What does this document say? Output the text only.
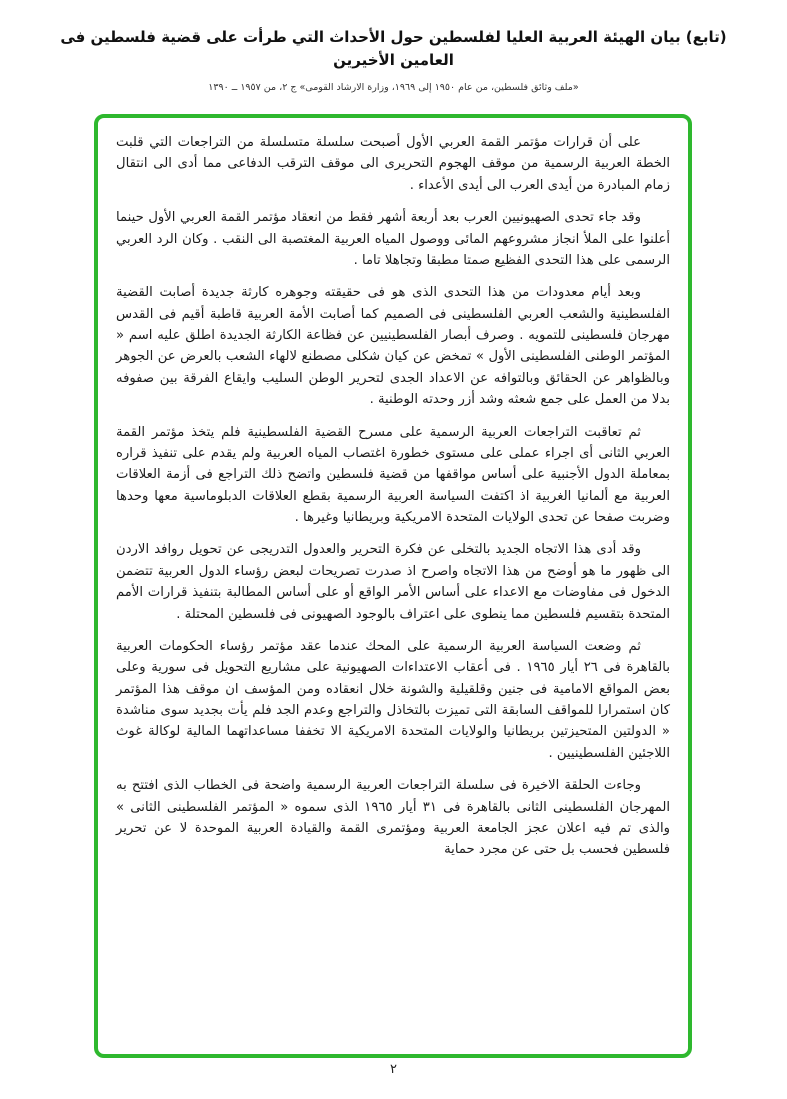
(تابع) بيان الهيئة العربية العليا لفلسطين حول الأحداث التي طرأت على قضية فلسطين فى العامين الأخيرين
«ملف وثائق فلسطين، من عام ١٩٥٠ إلى ١٩٦٩، وزارة الارشاد القومى» ج ٢، من ١٩٥٧ ــ ١٣٩٠

على أن قرارات مؤتمر القمة العربي الأول أصبحت سلسلة متسلسلة من التراجعات التي قلبت الخطة العربية الرسمية من موقف الهجوم التحريرى الى موقف الترقب الدفاعى مما أدى الى انتقال زمام المبادرة من أيدى العرب الى أيدى الأعداء .

وقد جاء تحدى الصهيونيين العرب بعد أربعة أشهر فقط من انعقاد مؤتمر القمة العربي الأول حينما أعلنوا على الملأ انجاز مشروعهم المائى ووصول المياه العربية المغتصبة الى النقب . وكان الرد العربي الرسمى على هذا التحدى الفظيع صمتا مطبقا وتجاهلا تاما .

وبعد أيام معدودات من هذا التحدى الذى هو فى حقيقته وجوهره كارثة جديدة أصابت القضية الفلسطينية والشعب العربي الفلسطينى فى الصميم كما أصابت الأمة العربية قاطبة أقيم فى القدس مهرجان فلسطينى للتمويه . وصرف أبصار الفلسطينيين عن فظاعة الكارثة الجديدة اطلق عليه اسم « المؤتمر الوطنى الفلسطينى الأول » تمخض عن كيان شكلى مصطنع لالهاء الشعب بالعرض عن الجوهر وبالظواهر عن الحقائق وبالتوافه عن الاعداد الجدى لتحرير الوطن السليب وايقاع الفرقة بين صفوفه بدلا من العمل على جمع شعثه وشد أزر وحدته الوطنية .

ثم تعاقبت التراجعات العربية الرسمية على مسرح القضية الفلسطينية فلم يتخذ مؤتمر القمة العربي الثانى أى اجراء عملى على مستوى خطورة اغتصاب المياه العربية ولم يقدم على تنفيذ قراره بمعاملة الدول الأجنبية على أساس مواقفها من قضية فلسطين واتضح ذلك التراجع فى أزمة العلاقات العربية مع ألمانيا الغربية اذ اكتفت السياسة العربية الرسمية بقطع العلاقات الدبلوماسية معها وحدها وضربت صفحا عن تحدى الولايات المتحدة الامريكية وبريطانيا وغيرها .

وقد أدى هذا الاتجاه الجديد بالتخلى عن فكرة التحرير والعدول التدريجى عن تحويل روافد الاردن الى ظهور ما هو أوضح من هذا الاتجاه واصرح اذ صدرت تصريحات لبعض رؤساء الدول العربية تتضمن الدخول فى مفاوضات مع الاعداء على أساس الأمر الواقع أو على أساس المطالبة بتنفيذ قرارات الأمم المتحدة بتقسيم فلسطين مما ينطوى على اعتراف بالوجود الصهيونى فى فلسطين المحتلة .

ثم وضعت السياسة العربية الرسمية على المحك عندما عقد مؤتمر رؤساء الحكومات العربية بالقاهرة فى ٢٦ أيار ١٩٦٥ . فى أعقاب الاعتداءات الصهيونية على مشاريع التحويل فى سورية وعلى بعض المواقع الامامية فى جنين وقلقيلية والشونة خلال انعقاده ومن المؤسف ان موقف هذا المؤتمر كان استمرارا للمواقف السابقة التى تميزت بالتخاذل والتراجع وعدم الجد فلم يأت بجديد سوى مناشدة « الدولتين المتحيزتين بريطانيا والولايات المتحدة الامريكية الا تخففا مساعداتهما المالية لوكالة غوث اللاجئين الفلسطينيين .

وجاءت الحلقة الاخيرة فى سلسلة التراجعات العربية الرسمية واضحة فى الخطاب الذى افتتح به المهرجان الفلسطينى الثانى بالقاهرة فى ٣١ أيار ١٩٦٥ الذى سموه « المؤتمر الفلسطينى الثانى » والذى تم فيه اعلان عجز الجامعة العربية ومؤتمرى القمة والقيادة العربية الموحدة لا عن تحرير فلسطين فحسب بل حتى عن مجرد حماية

٢
